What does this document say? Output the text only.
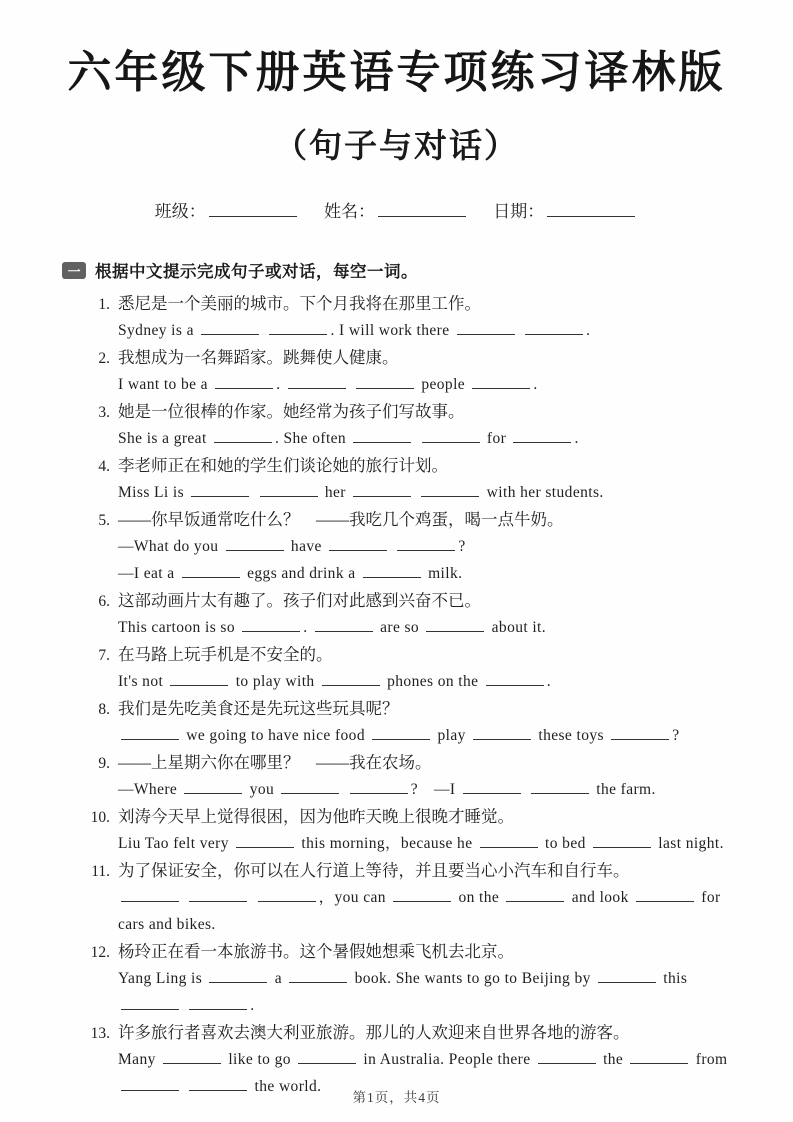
六年级下册英语专项练习译林版
（句子与对话）
班级：	姓名：	日期：
一 根据中文提示完成句子或对话，每空一词。
1. 悉尼是一个美丽的城市。下个月我将在那里工作。
Sydney is a	. I will work there	.
2. 我想成为一名舞蹈家。跳舞使人健康。
I want to be a	.	people	.
3. 她是一位很棒的作家。她经常为孩子们写故事。
She is a great	. She often	for	.
4. 李老师正在和她的学生们谈论她的旅行计划。
Miss Li is	her	with her students.
5. ——你早饭通常吃什么？　——我吃几个鸡蛋，喝一点牛奶。
—What do you	have	?
—I eat a	eggs and drink a	milk.
6. 这部动画片太有趣了。孩子们对此感到兴奋不已。
This cartoon is so	.	are so	about it.
7. 在马路上玩手机是不安全的。
It's not	to play with	phones on the	.
8. 我们是先吃美食还是先玩这些玩具呢？
we going to have nice food	play	these toys	?
9. ——上星期六你在哪里？　——我在农场。
—Where	you	?　—I	the farm.
10. 刘涛今天早上觉得很困，因为他昨天晚上很晚才睡觉。
Liu Tao felt very	this morning，because he	to bed	last night.
11. 为了保证安全，你可以在人行道上等待，并且要当心小汽车和自行车。
，you can	on the	and look	for
cars and bikes.
12. 杨玲正在看一本旅游书。这个暑假她想乘飞机去北京。
Yang Ling is	a	book. She wants to go to Beijing by	this
.
13. 许多旅行者喜欢去澳大利亚旅游。那儿的人欢迎来自世界各地的游客。
Many	like to go	in Australia. People there	the	from
the world.
第1页，共4页
